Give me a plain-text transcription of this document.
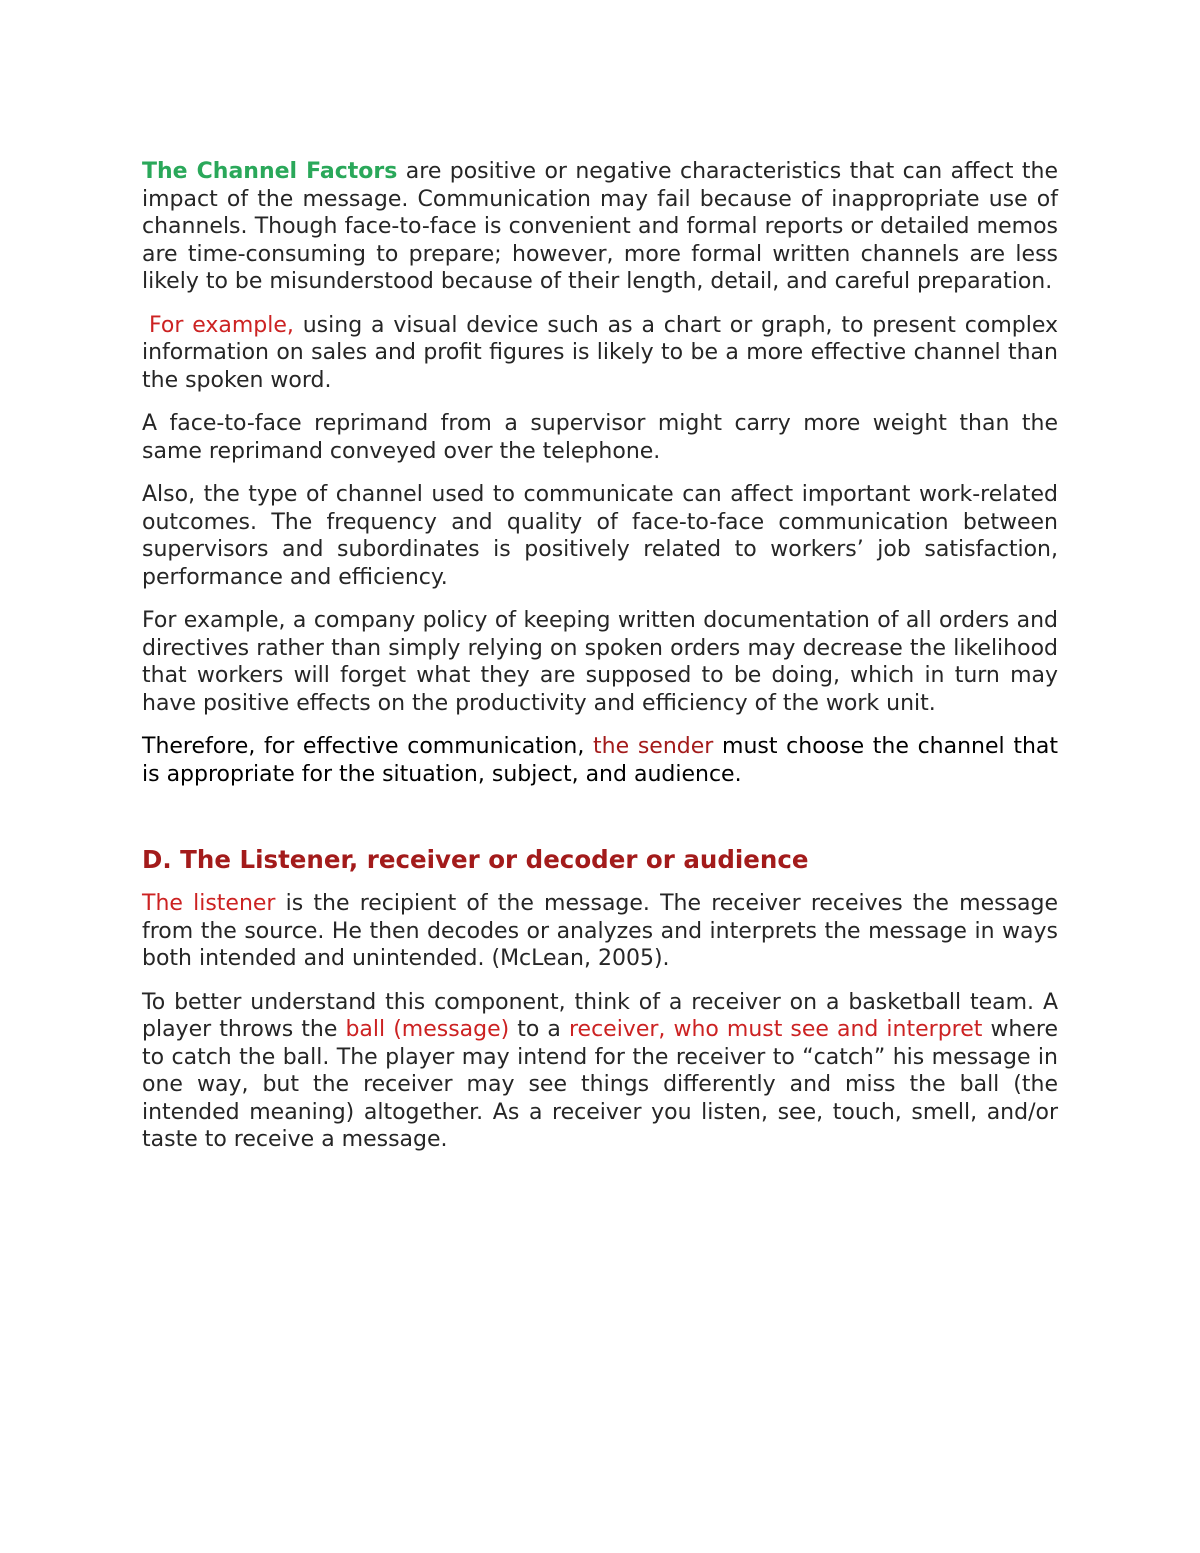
The Channel Factors are positive or negative characteristics that can affect the impact of the message. Communication may fail because of inappropriate use of channels. Though face-to-face is convenient and formal reports or detailed memos are time-consuming to prepare; however, more formal written channels are less likely to be misunderstood because of their length, detail, and careful preparation.

For example, using a visual device such as a chart or graph, to present complex information on sales and profit figures is likely to be a more effective channel than the spoken word.

A face-to-face reprimand from a supervisor might carry more weight than the same reprimand conveyed over the telephone.

Also, the type of channel used to communicate can affect important work-related outcomes. The frequency and quality of face-to-face communication between supervisors and subordinates is positively related to workers’ job satisfaction, performance and efficiency.

For example, a company policy of keeping written documentation of all orders and directives rather than simply relying on spoken orders may decrease the likelihood that workers will forget what they are supposed to be doing, which in turn may have positive effects on the productivity and efficiency of the work unit.

Therefore, for effective communication, the sender must choose the channel that is appropriate for the situation, subject, and audience.

D. The Listener, receiver or decoder or audience

The listener is the recipient of the message. The receiver receives the message from the source. He then decodes or analyzes and interprets the message in ways both intended and unintended. (McLean, 2005).

To better understand this component, think of a receiver on a basketball team. A player throws the ball (message) to a receiver, who must see and interpret where to catch the ball. The player may intend for the receiver to “catch” his message in one way, but the receiver may see things differently and miss the ball (the intended meaning) altogether. As a receiver you listen, see, touch, smell, and/or taste to receive a message.
